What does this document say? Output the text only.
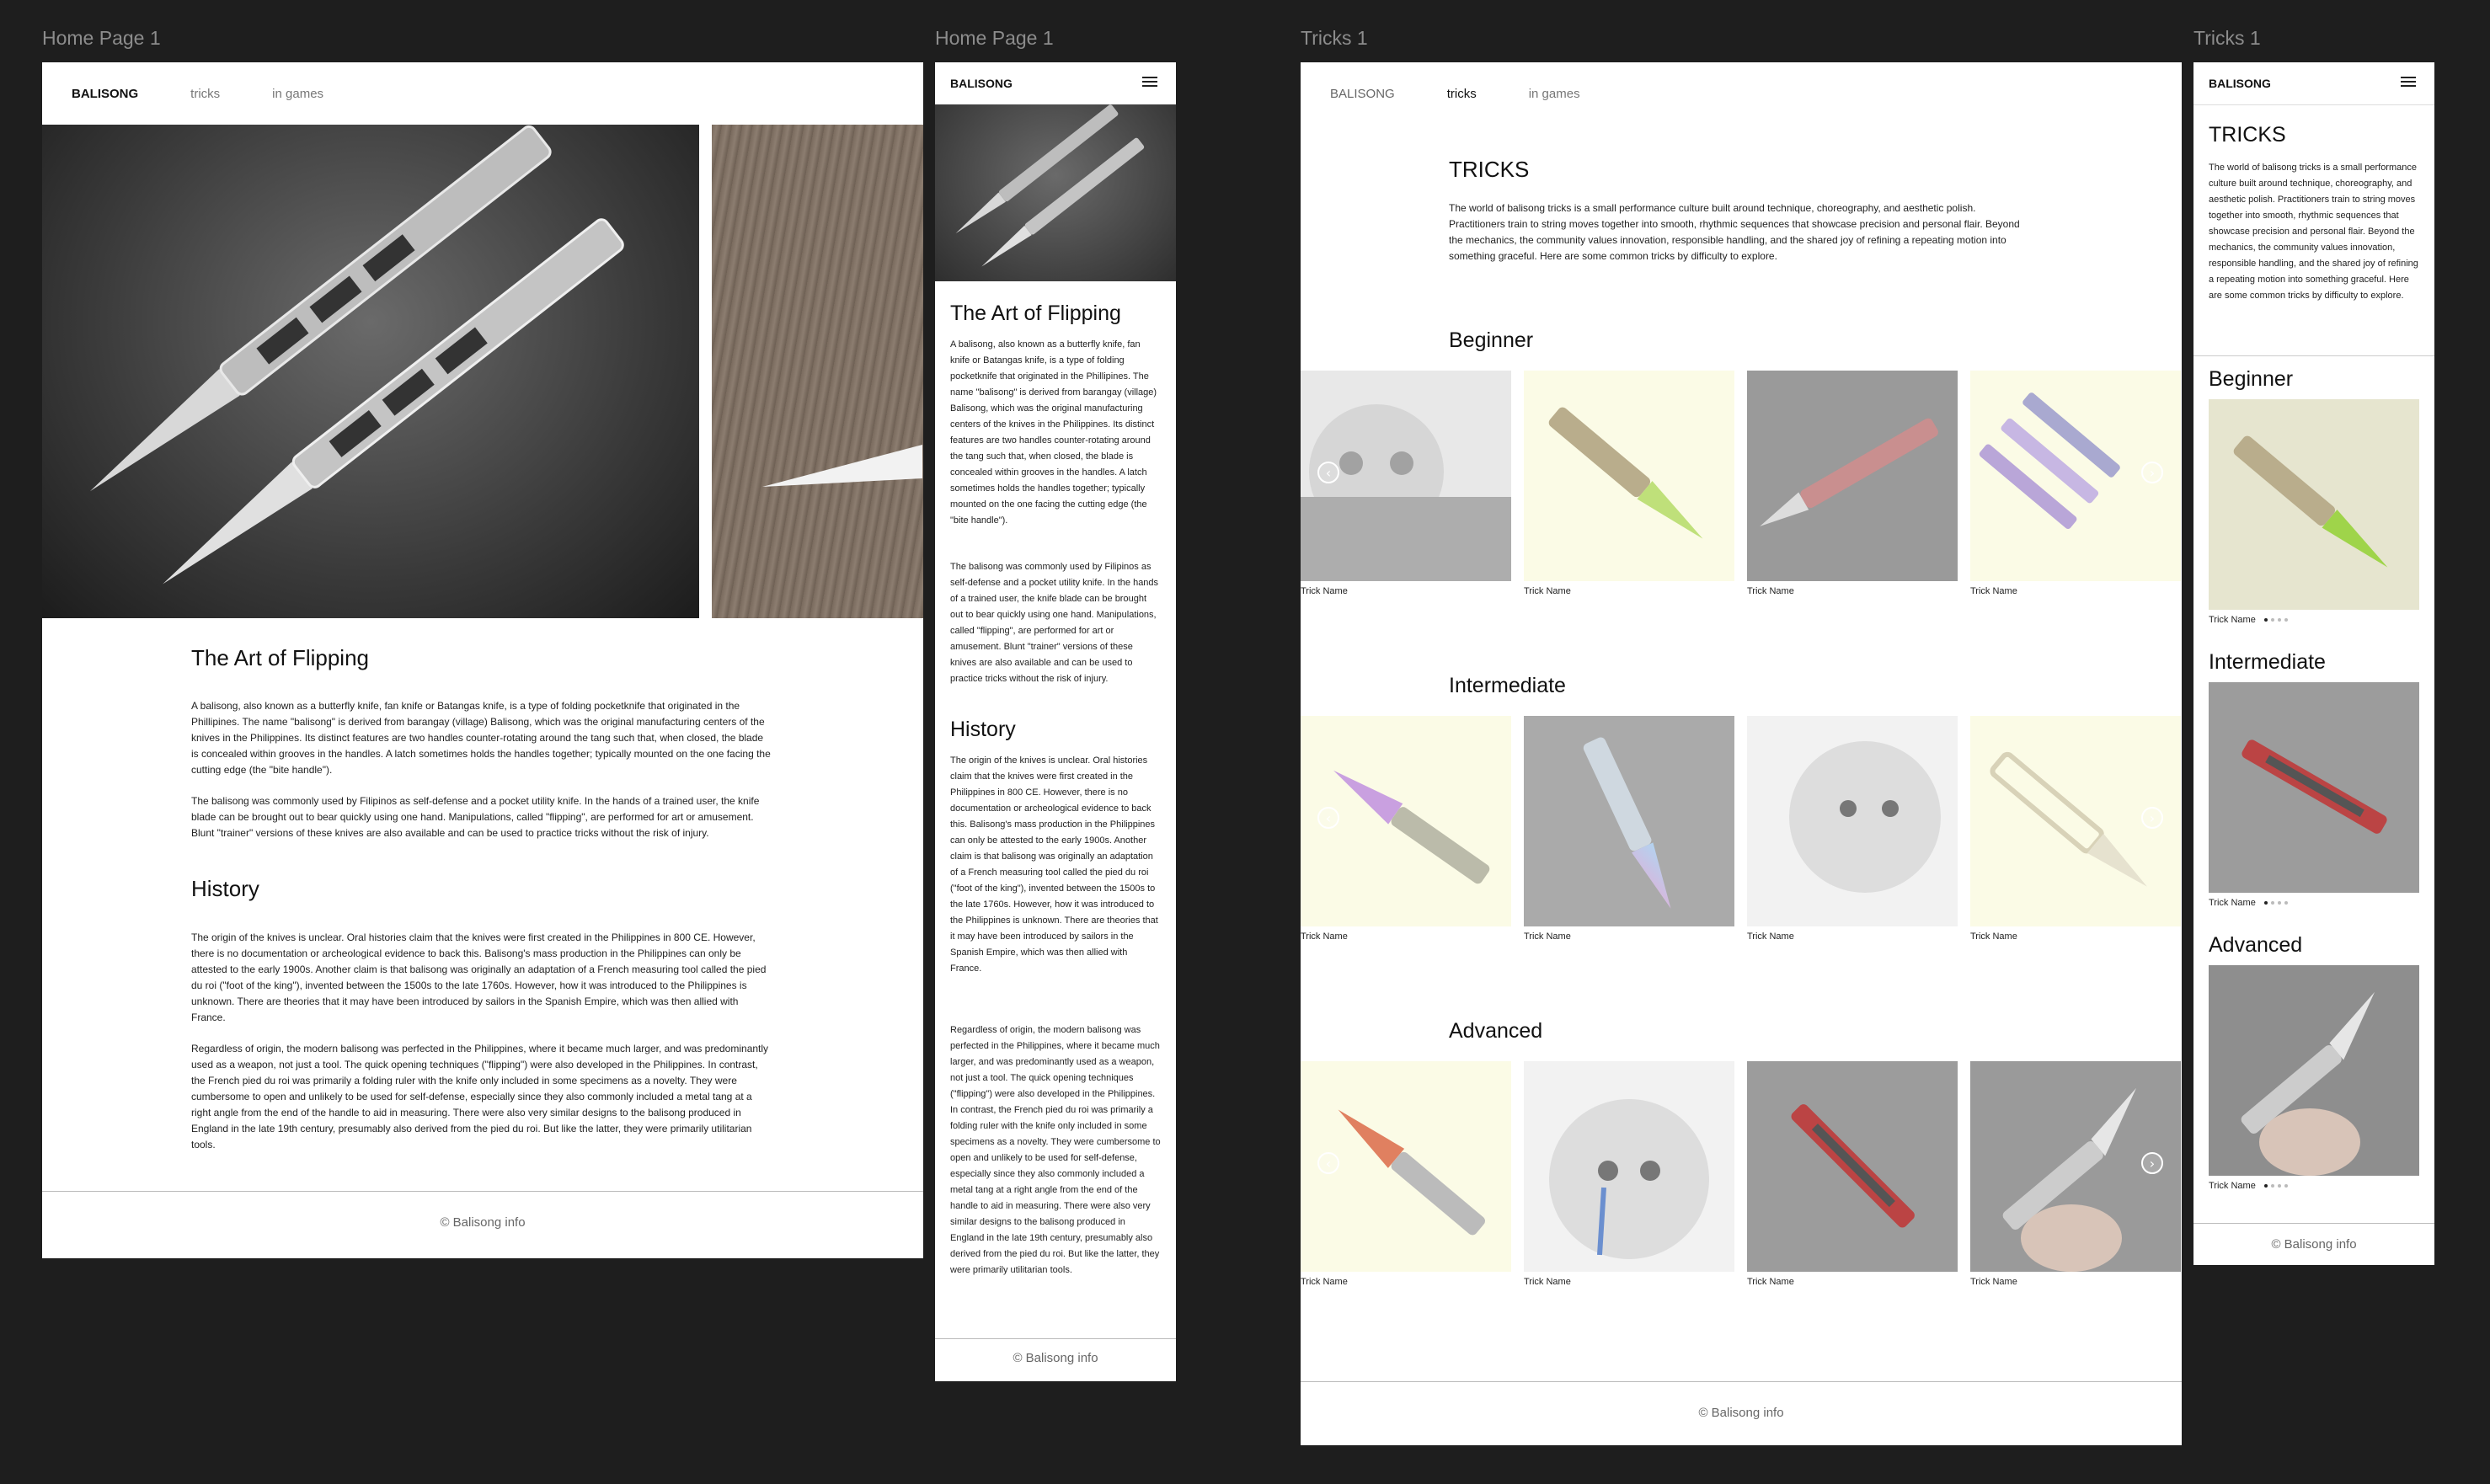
Home Page 1	Home Page 1	Tricks 1	Tricks 1
BALISONG	tricks	in games
The Art of Flipping

A balisong, also known as a butterfly knife, fan knife or Batangas knife, is a type of folding pocketknife that originated in the Phillipines. The name "balisong" is derived from barangay (village) Balisong, which was the original manufacturing centers of the knives in the Philippines. Its distinct features are two handles counter-rotating around the tang such that, when closed, the blade is concealed within grooves in the handles. A latch sometimes holds the handles together; typically mounted on the one facing the cutting edge (the "bite handle").

The balisong was commonly used by Filipinos as self-defense and a pocket utility knife. In the hands of a trained user, the knife blade can be brought out to bear quickly using one hand. Manipulations, called "flipping", are performed for art or amusement. Blunt "trainer" versions of these knives are also available and can be used to practice tricks without the risk of injury.

History

The origin of the knives is unclear. Oral histories claim that the knives were first created in the Philippines in 800 CE. However, there is no documentation or archeological evidence to back this. Balisong's mass production in the Philippines can only be attested to the early 1900s. Another claim is that balisong was originally an adaptation of a French measuring tool called the pied du roi ("foot of the king"), invented between the 1500s to the late 1760s. However, how it was introduced to the Philippines is unknown. There are theories that it may have been introduced by sailors in the Spanish Empire, which was then allied with France.

Regardless of origin, the modern balisong was perfected in the Philippines, where it became much larger, and was predominantly used as a weapon, not just a tool. The quick opening techniques ("flipping") were also developed in the Philippines. In contrast, the French pied du roi was primarily a folding ruler with the knife only included in some specimens as a novelty. They were cumbersome to open and unlikely to be used for self-defense, especially since they also commonly included a metal tang at a right angle from the end of the handle to aid in measuring. There were also very similar designs to the balisong produced in England in the late 19th century, presumably also derived from the pied du roi. But like the latter, they were primarily utilitarian tools.

© Balisong info
BALISONG
The Art of Flipping

A balisong, also known as a butterfly knife, fan knife or Batangas knife, is a type of folding pocketknife that originated in the Phillipines. The name "balisong" is derived from barangay (village) Balisong, which was the original manufacturing centers of the knives in the Philippines. Its distinct features are two handles counter-rotating around the tang such that, when closed, the blade is concealed within grooves in the handles. A latch sometimes holds the handles together; typically mounted on the one facing the cutting edge (the "bite handle").

The balisong was commonly used by Filipinos as self-defense and a pocket utility knife. In the hands of a trained user, the knife blade can be brought out to bear quickly using one hand. Manipulations, called "flipping", are performed for art or amusement. Blunt "trainer" versions of these knives are also available and can be used to practice tricks without the risk of injury.

History

The origin of the knives is unclear. Oral histories claim that the knives were first created in the Philippines in 800 CE. However, there is no documentation or archeological evidence to back this. Balisong's mass production in the Philippines can only be attested to the early 1900s. Another claim is that balisong was originally an adaptation of a French measuring tool called the pied du roi ("foot of the king"), invented between the 1500s to the late 1760s. However, how it was introduced to the Philippines is unknown. There are theories that it may have been introduced by sailors in the Spanish Empire, which was then allied with France.

Regardless of origin, the modern balisong was perfected in the Philippines, where it became much larger, and was predominantly used as a weapon, not just a tool. The quick opening techniques ("flipping") were also developed in the Philippines. In contrast, the French pied du roi was primarily a folding ruler with the knife only included in some specimens as a novelty. They were cumbersome to open and unlikely to be used for self-defense, especially since they also commonly included a metal tang at a right angle from the end of the handle to aid in measuring. There were also very similar designs to the balisong produced in England in the late 19th century, presumably also derived from the pied du roi. But like the latter, they were primarily utilitarian tools.

© Balisong info
BALISONG	tricks	in games
TRICKS

The world of balisong tricks is a small performance culture built around technique, choreography, and aesthetic polish. Practitioners train to string moves together into smooth, rhythmic sequences that showcase precision and personal flair. Beyond the mechanics, the community values innovation, responsible handling, and the shared joy of refining a repeating motion into something graceful. Here are some common tricks by difficulty to explore.

Beginner
Trick Name	Trick Name	Trick Name	Trick Name
‹	›
Intermediate
Trick Name	Trick Name	Trick Name	Trick Name
‹	›
Advanced
Trick Name	Trick Name	Trick Name	Trick Name
‹	›
© Balisong info
BALISONG
TRICKS

The world of balisong tricks is a small performance culture built around technique, choreography, and aesthetic polish. Practitioners train to string moves together into smooth, rhythmic sequences that showcase precision and personal flair. Beyond the mechanics, the community values innovation, responsible handling, and the shared joy of refining a repeating motion into something graceful. Here are some common tricks by difficulty to explore.

Beginner
Trick Name
Intermediate
Trick Name
Advanced
Trick Name
© Balisong info
